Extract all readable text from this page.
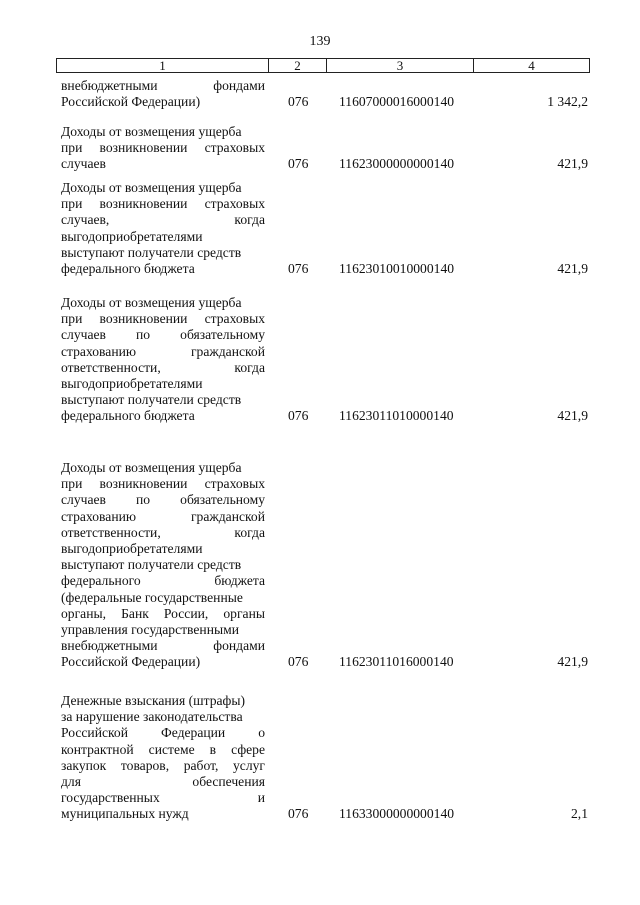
139
1	2	3	4
внебюджетными фондами
Российской Федерации)	076 11607000016000140	1 342,2
Доходы от возмещения ущерба
при возникновении страховых
случаев	076 11623000000000140	421,9
Доходы от возмещения ущерба
при возникновении страховых
случаев, когда
выгодоприобретателями
выступают получатели средств
федерального бюджета	076 11623010010000140	421,9
Доходы от возмещения ущерба
при возникновении страховых
случаев по обязательному
страхованию гражданской
ответственности, когда
выгодоприобретателями
выступают получатели средств
федерального бюджета	076 11623011010000140	421,9
Доходы от возмещения ущерба
при возникновении страховых
случаев по обязательному
страхованию гражданской
ответственности, когда
выгодоприобретателями
выступают получатели средств
федерального бюджета
(федеральные государственные
органы, Банк России, органы
управления государственными
внебюджетными фондами
Российской Федерации)	076 11623011016000140	421,9
Денежные взыскания (штрафы)
за нарушение законодательства
Российской Федерации о
контрактной системе в сфере
закупок товаров, работ, услуг
для обеспечения
государственных и
муниципальных нужд	076 11633000000000140	2,1
